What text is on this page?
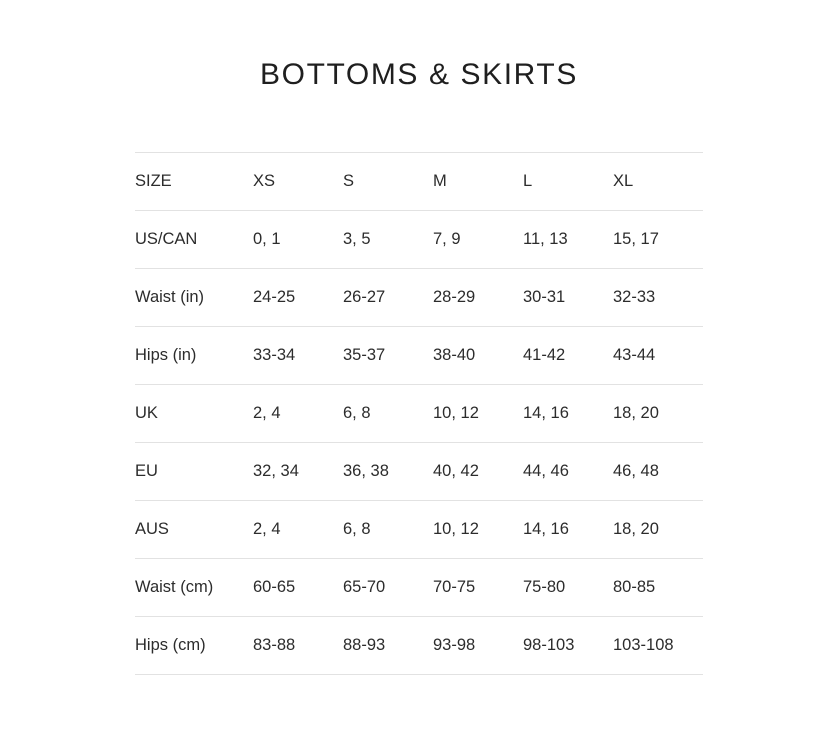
BOTTOMS & SKIRTS
SIZE	XS	S	M	L	XL
US/CAN	0, 1	3, 5	7, 9	11, 13	15, 17
Waist (in)	24-25	26-27	28-29	30-31	32-33
Hips (in)	33-34	35-37	38-40	41-42	43-44
UK	2, 4	6, 8	10, 12	14, 16	18, 20
EU	32, 34	36, 38	40, 42	44, 46	46, 48
AUS	2, 4	6, 8	10, 12	14, 16	18, 20
Waist (cm)	60-65	65-70	70-75	75-80	80-85
Hips (cm)	83-88	88-93	93-98	98-103	103-108
